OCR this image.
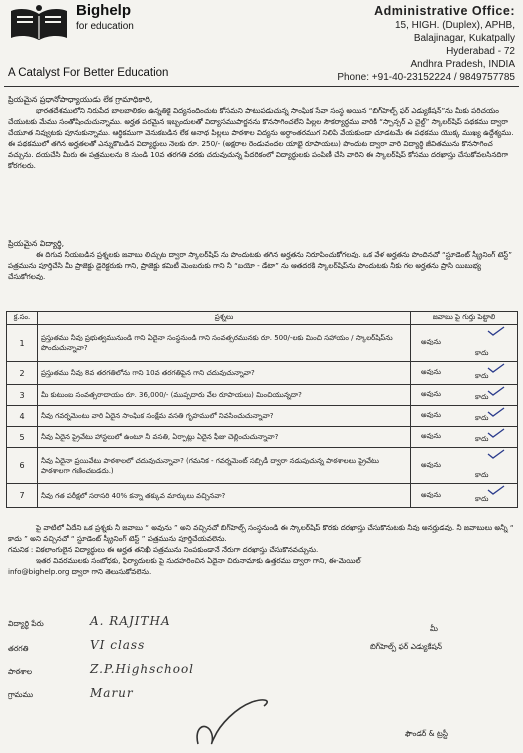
Bighelp
for education
A Catalyst For Better Education
Administrative Office:
15, HIGH. (Duplex), APHB,
Balajinagar, Kukatpally
Hyderabad - 72
Andhra Pradesh, INDIA
Phone: +91-40-23152224 / 9849757785

ప్రియమైన ప్రధానోపాధ్యాయుడు లేక గ్రామాధికారి,

భారతదేశములోని నిరుపేద బాలబాలికల ఉన్నతికై విద్యనందించుట కోసమని పాటుపడుచున్న సాంఘిక సేవా సంస్థ అయిన “బిగ్‌హెల్ప్ ఫర్ ఎడ్యుకేషన్”ను మీకు పరిచయం చేయుటకు మేము సంతోషించుచున్నాము. అర్హత పరమైన ఇబ్బందులతో విద్యాసముపార్జనను కొనసాగించలేని పిల్లల సౌకర్యార్థము వారికి “స్పాన్సర్ ఎ చైల్డ్” స్కాలర్‌షిప్ పథకము ద్వారా చేయూత నివ్వుటకు పూనుకున్నాము. ఆర్థికముగా వెనుకబడిన లేక అనాథ పిల్లలు పాఠశాల విద్యను అర్థాంతరముగ నిలిపి వేయకుండా చూడటమే ఈ పథకము యొక్క ముఖ్య ఉద్దేశ్యము. ఈ పథకములో తగిన అర్హతలతో ఎన్నుకొబడిన విద్యార్థులు నెలకు రూ. 250/- (అక్షరాల రెండువందల యాభై రూపాయలు) పొందుట ద్వారా వారి విద్యార్థి జీవితమును కొనసాగించ వచ్చును. దయచేసి మీరు ఈ పత్రములను 8 నుండి 10వ తరగతి వరకు చదువుచున్న పేదరికంలో విద్యార్థులకు పంపిణీ చేసి వారిని ఈ స్కాలర్‌షిప్ కోసము దరఖాస్తు చేసుకోవలసినదిగా కోరగలరు.

ప్రియమైన విద్యార్థి,

ఈ దిగువ నీయబడిన ప్రశ్నలకు జవాబు లిచ్చుట ద్వారా స్కాలర్‌షిప్ ను పొందుటకు తగిన అర్హతను నిరూపించుకోగలవు. ఒక వేళ అర్హతను పొందినచో “స్టూడెంట్ స్క్రీనింగ్ టెస్ట్” పత్రమును పూర్తిచేసి మీ ప్రాజెక్టు డైరెక్టరుకు గాని, ప్రాజెక్టు కమిటీ మెంబరుకు గాని నీ “బయో - డేటా” ను ఆతదరకి స్కాలర్‌షిప్‌ను పొందుటకు నీకు గల అర్హతను ప్రాసి యిబుభ్య చేసుకోగలవు.

క్ర.సం.	ప్రశ్నలు	జవాబు పై గుర్తు పెట్టాలి
1	ప్రస్తుతము నీవు ప్రభుత్వమునుండి గాని ఏదైనా సంస్థనుండి గాని సంవత్సరమునకు రూ. 500/-లకు మించి సహాయం / స్కాలర్‌షిప్‌ను పొందుచున్నావా?	అవును
కాదు

2	ప్రస్తుతము నీవు 8వ తరగతిలోను గాని 10వ తరగతిపైన గాని చదువుచున్నావా?	అవును కాదు

3	మీ కుటుంబ సంవత్సరాదాయం రూ. 36,000/- (ముప్పదారు వేల రూపాయలు) మించియున్నదా?	అవును కాదు

4	నీవు గవర్నమెంటు వారి ఏదైన సాంఘిక సంక్షేమ వసతి గృహములో నివసించుచున్నావా?	అవును కాదు

5	నీవు ఏదైన ప్రైవేటు హాస్టలులో ఉంటూ నీ వసతి, ఏర్పాట్లు ఏదైన ఫీజు చెల్లించుచున్నావా?	అవును కాదు

6	నీవు ఏదైనా ప్రయివేటు పాఠశాలలో చదువుచున్నావా? (గమనిక - గవర్నమెంట్ సబ్సిడీ ద్వారా నడుపుచున్న పాఠశాలలు ప్రైవేటు పాఠశాలగా గణించబడదు.)	అవును
కాదు

7	నీవు గత పరీక్షలో సరాసరి 40% కన్నా తక్కువ మార్కులు వచ్చినవా?	అవును
కాదు

పై వాటిలో ఏదేని ఒక ప్రశ్నకు నీ జవాబు “ అవును ” అని వచ్చినచో బిగ్‌హెల్ప్ సంస్థనుండి ఈ స్కాలర్‌షిప్ కొరకు దరఖాస్తు చేసుకొనుటకు నీవు అనర్హుడవు. నీ జవాబులు అన్నీ “ కాదు ” అని వచ్చినచో “ స్టూడెంట్ స్క్రీనింగ్ టెస్ట్ ” పత్రమును పూర్తిచేయవలెను.

గమనిక : వికలాంగులైన విద్యార్థులు ఈ అర్హత తనిఖీ పత్రమును నింపకుండానే నేరుగా దరఖాస్తు చేసుకొనవచ్చును.

ఇతర వివరములకు సంబోధకు, ఫిర్యాదులకు పై నుదహరించిన ఏదైనా చిరునామాకు ఉత్తరము ద్వారా గాని, ఈ-మెయిల్

info@bighelp.org ద్వారా గాని తెలుసుకోవలెను.

విద్యార్థి పేరు	A. RAJITHA
తరగతి	VI class
పాఠశాల	Z.P.Highschool
గ్రామము	Marur
మీ
బిగ్‌హెల్ప్ ఫర్ ఎడ్యుకేషన్
ఫౌండర్ & ట్రస్టీ
